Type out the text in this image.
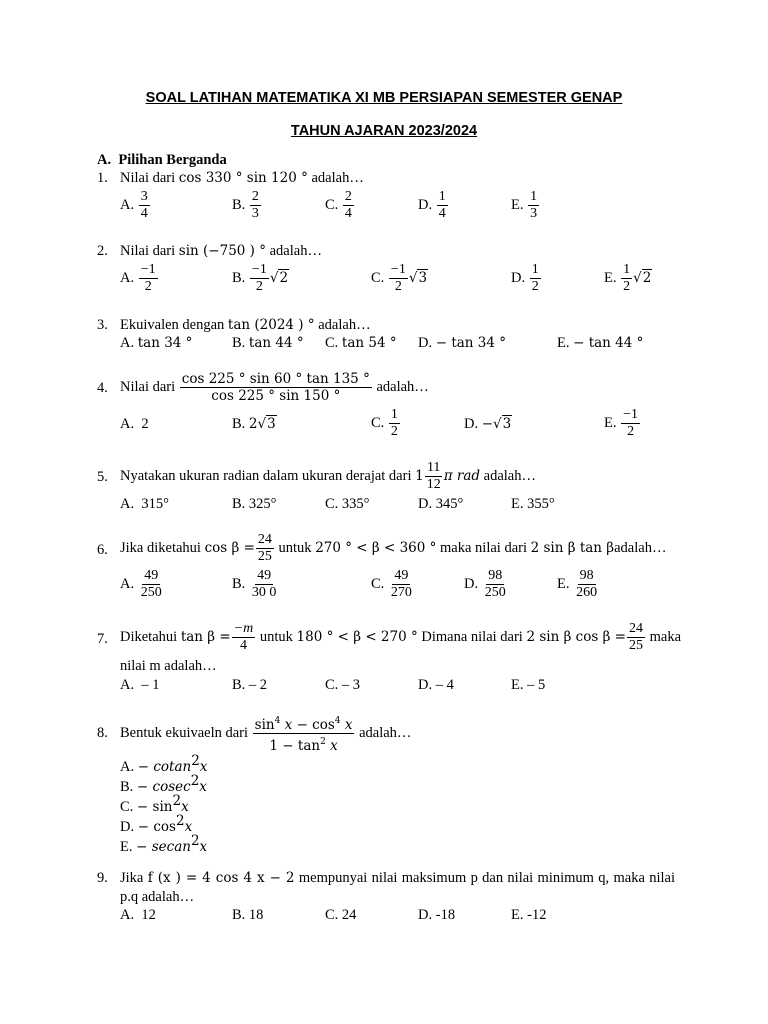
SOAL LATIHAN MATEMATIKA XI MB PERSIAPAN SEMESTER GENAP
TAHUN AJARAN 2023/2024
A. Pilihan Berganda
1. Nilai dari cos 330 ° sin 120 ° adalah…
A. $\frac{3}{4}$	B. $\frac{2}{3}$	C. $\frac{2}{4}$	D. $\frac{1}{4}$	E. $\frac{1}{3}$
2. Nilai dari sin (−750 ) ° adalah…
A. $\frac{-1}{2}$	B. $\frac{-1}{2} √2$	C. $\frac{-1}{2} √3$	D. $\frac{1}{2}$	E. $\frac{1}{2} √2$
3. Ekuivalen dengan tan (2024 ) ° adalah…
A. tan 34 °	B. tan 44 ° C. tan 54 ° D. − tan 34 °	E. − tan 44 °
4. Nilai dari $\frac{\cos 225 ^\circ \sin 60 ^\circ \tan 135 ^\circ}{\cos 225 ^\circ \sin 150 ^\circ}$ adalah…
A. 2	B. 2√3	C. $\frac{1}{2}$	D. −√3	E. $\frac{-1}{2}$
5. Nyatakan ukuran radian dalam ukuran derajat dari $1 \frac{11}{12}$ π rad adalah…
A. 315°	B. 325°	C. 335°	D. 345°	E. 355°
6. Jika diketahui $\cos \beta = \frac{24}{25}$ untuk 270 ° < β < 360 ° maka nilai dari 2 sin β tan βadalah…
A. $\frac{49}{250}$	B. $\frac{49}{30 0}$	C. $\frac{49}{270}$	D. $\frac{98}{250}$	E. $\frac{98}{260}$
7. Diketahui $\tan \beta = \frac{-m}{4}$ untuk 180 ° < β < 270 ° Dimana nilai dari 2 sin β $\cos \beta = \frac{24}{25}$ maka
nilai m adalah…
A. – 1	B. – 2	C. – 3	D. – 4	E. – 5
8. Bentuk ekuivaeln dari $\frac{\sin^4 x - \cos^4 x}{1 - \tan^2 x}$ adalah…
A. − cotan$^2$x
B. − cosec$^2$x
C. − $\sin^2x$
D. − $\cos^2x$
E. − secan$^2$x
9. Jika f (x ) = 4 cos 4 x − 2 mempunyai nilai maksimum p dan nilai minimum q, maka nilai
p.q adalah…
A. 12	B. 18	C. 24	D. -18	E. -12
